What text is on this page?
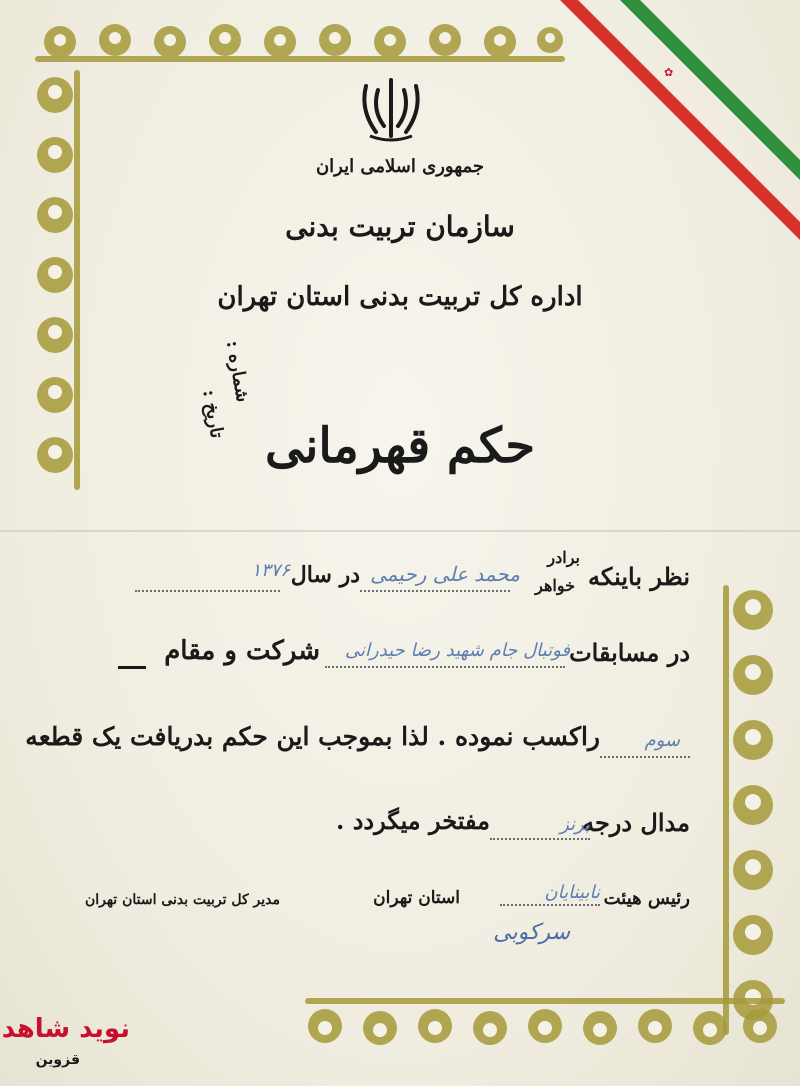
✿
جمهوری اسلامی ایران
سازمان تربیت بدنی
اداره کل تربیت بدنی استان تهران
شماره :
تاریخ :
حکم قهرمانی
نظر باینکه
برادر
خواهر
محمد علی رحیمی
در سال
۱۳۷۶
در مسابقات
فوتبال جام شهید رضا حیدرانی
شرکت و مقام
سوم
راکسب نموده . لذا بموجب این حکم بدریافت یک قطعه
مدال درجه
برنز
مفتخر میگردد .
رئیس هیئت
نابینایان
استان تهران
مدیر کل تربیت بدنی استان تهران
سرکوبی
نوید شاهد
قزوین
